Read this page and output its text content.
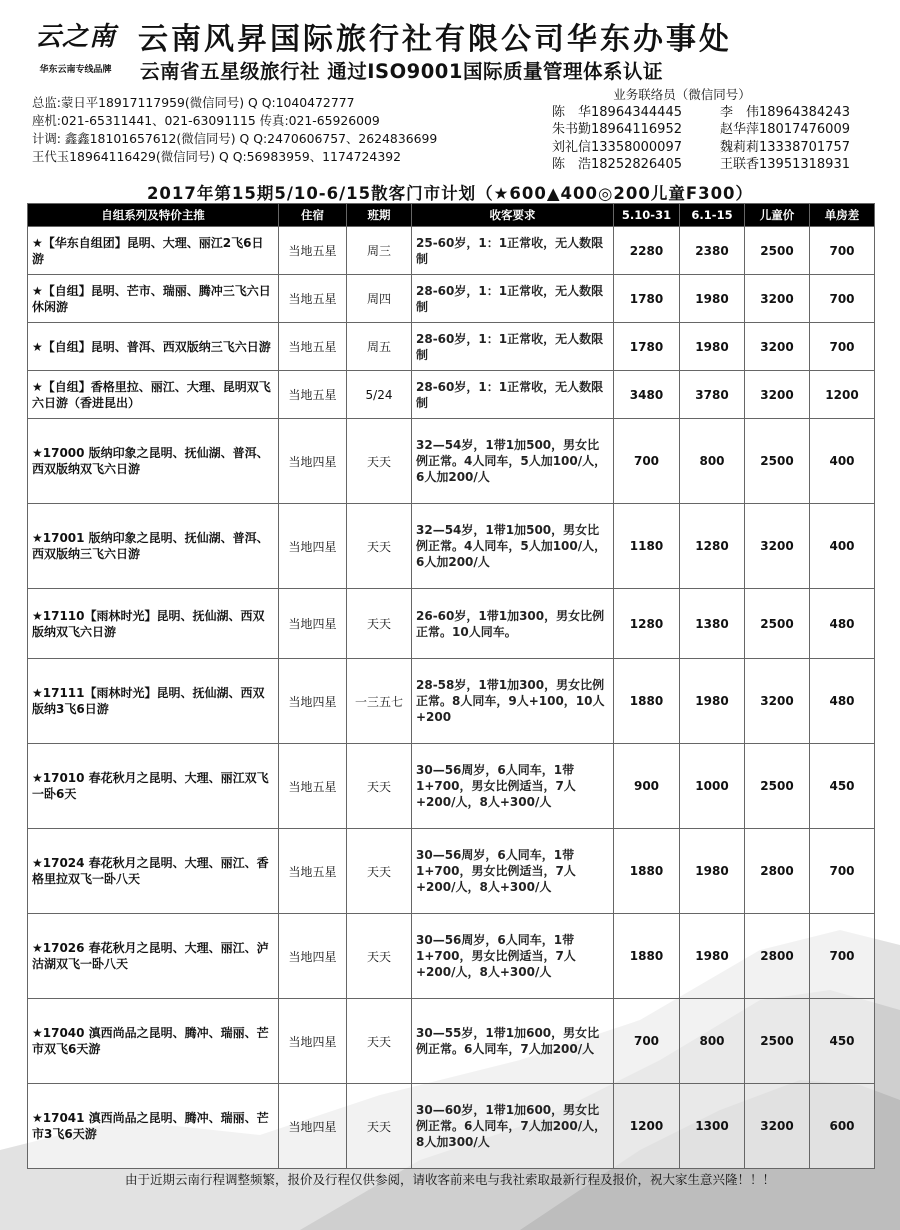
云之南
华东云南专线品牌
云南风昇国际旅行社有限公司华东办事处
云南省五星级旅行社 通过ISO9001国际质量管理体系认证
总监:蒙日平18917117959(微信同号) Q Q:1040472777
座机:021-65311441、021-63091115 传真:021-65926009
计调: 鑫鑫18101657612(微信同号) Q Q:2470606757、2624836699
王代玉18964116429(微信同号) Q Q:56983959、1174724392
业务联络员（微信同号）
陈　华18964344445	李　伟18964384243
朱书勤18964116952	赵华萍18017476009
刘礼信13358000097	魏莉莉13338701757
陈　浩18252826405	王联香13951318931
2017年第15期5/10-6/15散客门市计划（★600▲400◎200儿童F300）
自组系列及特价主推	住宿	班期	收客要求	5.10-31	6.1-15	儿童价	单房差
★【华东自组团】昆明、大理、丽江2飞6日游	当地五星	周三	25-60岁，1：1正常收，无人数限制	2280	2380	2500	700
★【自组】昆明、芒市、瑞丽、腾冲三飞六日休闲游	当地五星	周四	28-60岁，1：1正常收，无人数限制	1780	1980	3200	700
★【自组】昆明、普洱、西双版纳三飞六日游	当地五星	周五	28-60岁，1：1正常收，无人数限制	1780	1980	3200	700
★【自组】香格里拉、丽江、大理、昆明双飞六日游（香进昆出）	当地五星	5/24	28-60岁，1：1正常收，无人数限制	3480	3780	3200	1200
★17000 版纳印象之昆明、抚仙湖、普洱、西双版纳双飞六日游	当地四星	天天	32—54岁，1带1加500，男女比例正常。4人同车，5人加100/人，6人加200/人	700	800	2500	400
★17001 版纳印象之昆明、抚仙湖、普洱、西双版纳三飞六日游	当地四星	天天	32—54岁，1带1加500，男女比例正常。4人同车，5人加100/人，6人加200/人	1180	1280	3200	400
★17110【雨林时光】昆明、抚仙湖、西双版纳双飞六日游	当地四星	天天	26-60岁，1带1加300，男女比例正常。10人同车。	1280	1380	2500	480
★17111【雨林时光】昆明、抚仙湖、西双版纳3飞6日游	当地四星	一三五七	28-58岁，1带1加300，男女比例正常。8人同车，9人+100，10人+200	1880	1980	3200	480
★17010 春花秋月之昆明、大理、丽江双飞一卧6天	当地五星	天天	30—56周岁，6人同车，1带1+700，男女比例适当，7人+200/人，8人+300/人	900	1000	2500	450
★17024 春花秋月之昆明、大理、丽江、香格里拉双飞一卧八天	当地五星	天天	30—56周岁，6人同车，1带1+700，男女比例适当，7人+200/人，8人+300/人	1880	1980	2800	700
★17026 春花秋月之昆明、大理、丽江、泸沽湖双飞一卧八天	当地四星	天天	30—56周岁，6人同车，1带1+700，男女比例适当，7人+200/人，8人+300/人	1880	1980	2800	700
★17040 滇西尚品之昆明、腾冲、瑞丽、芒市双飞6天游	当地四星	天天	30—55岁，1带1加600，男女比例正常。6人同车，7人加200/人	700	800	2500	450
★17041 滇西尚品之昆明、腾冲、瑞丽、芒市3飞6天游	当地四星	天天	30—60岁，1带1加600，男女比例正常。6人同车，7人加200/人，8人加300/人	1200	1300	3200	600
由于近期云南行程调整频繁，报价及行程仅供参阅，请收客前来电与我社索取最新行程及报价，祝大家生意兴隆！！！
